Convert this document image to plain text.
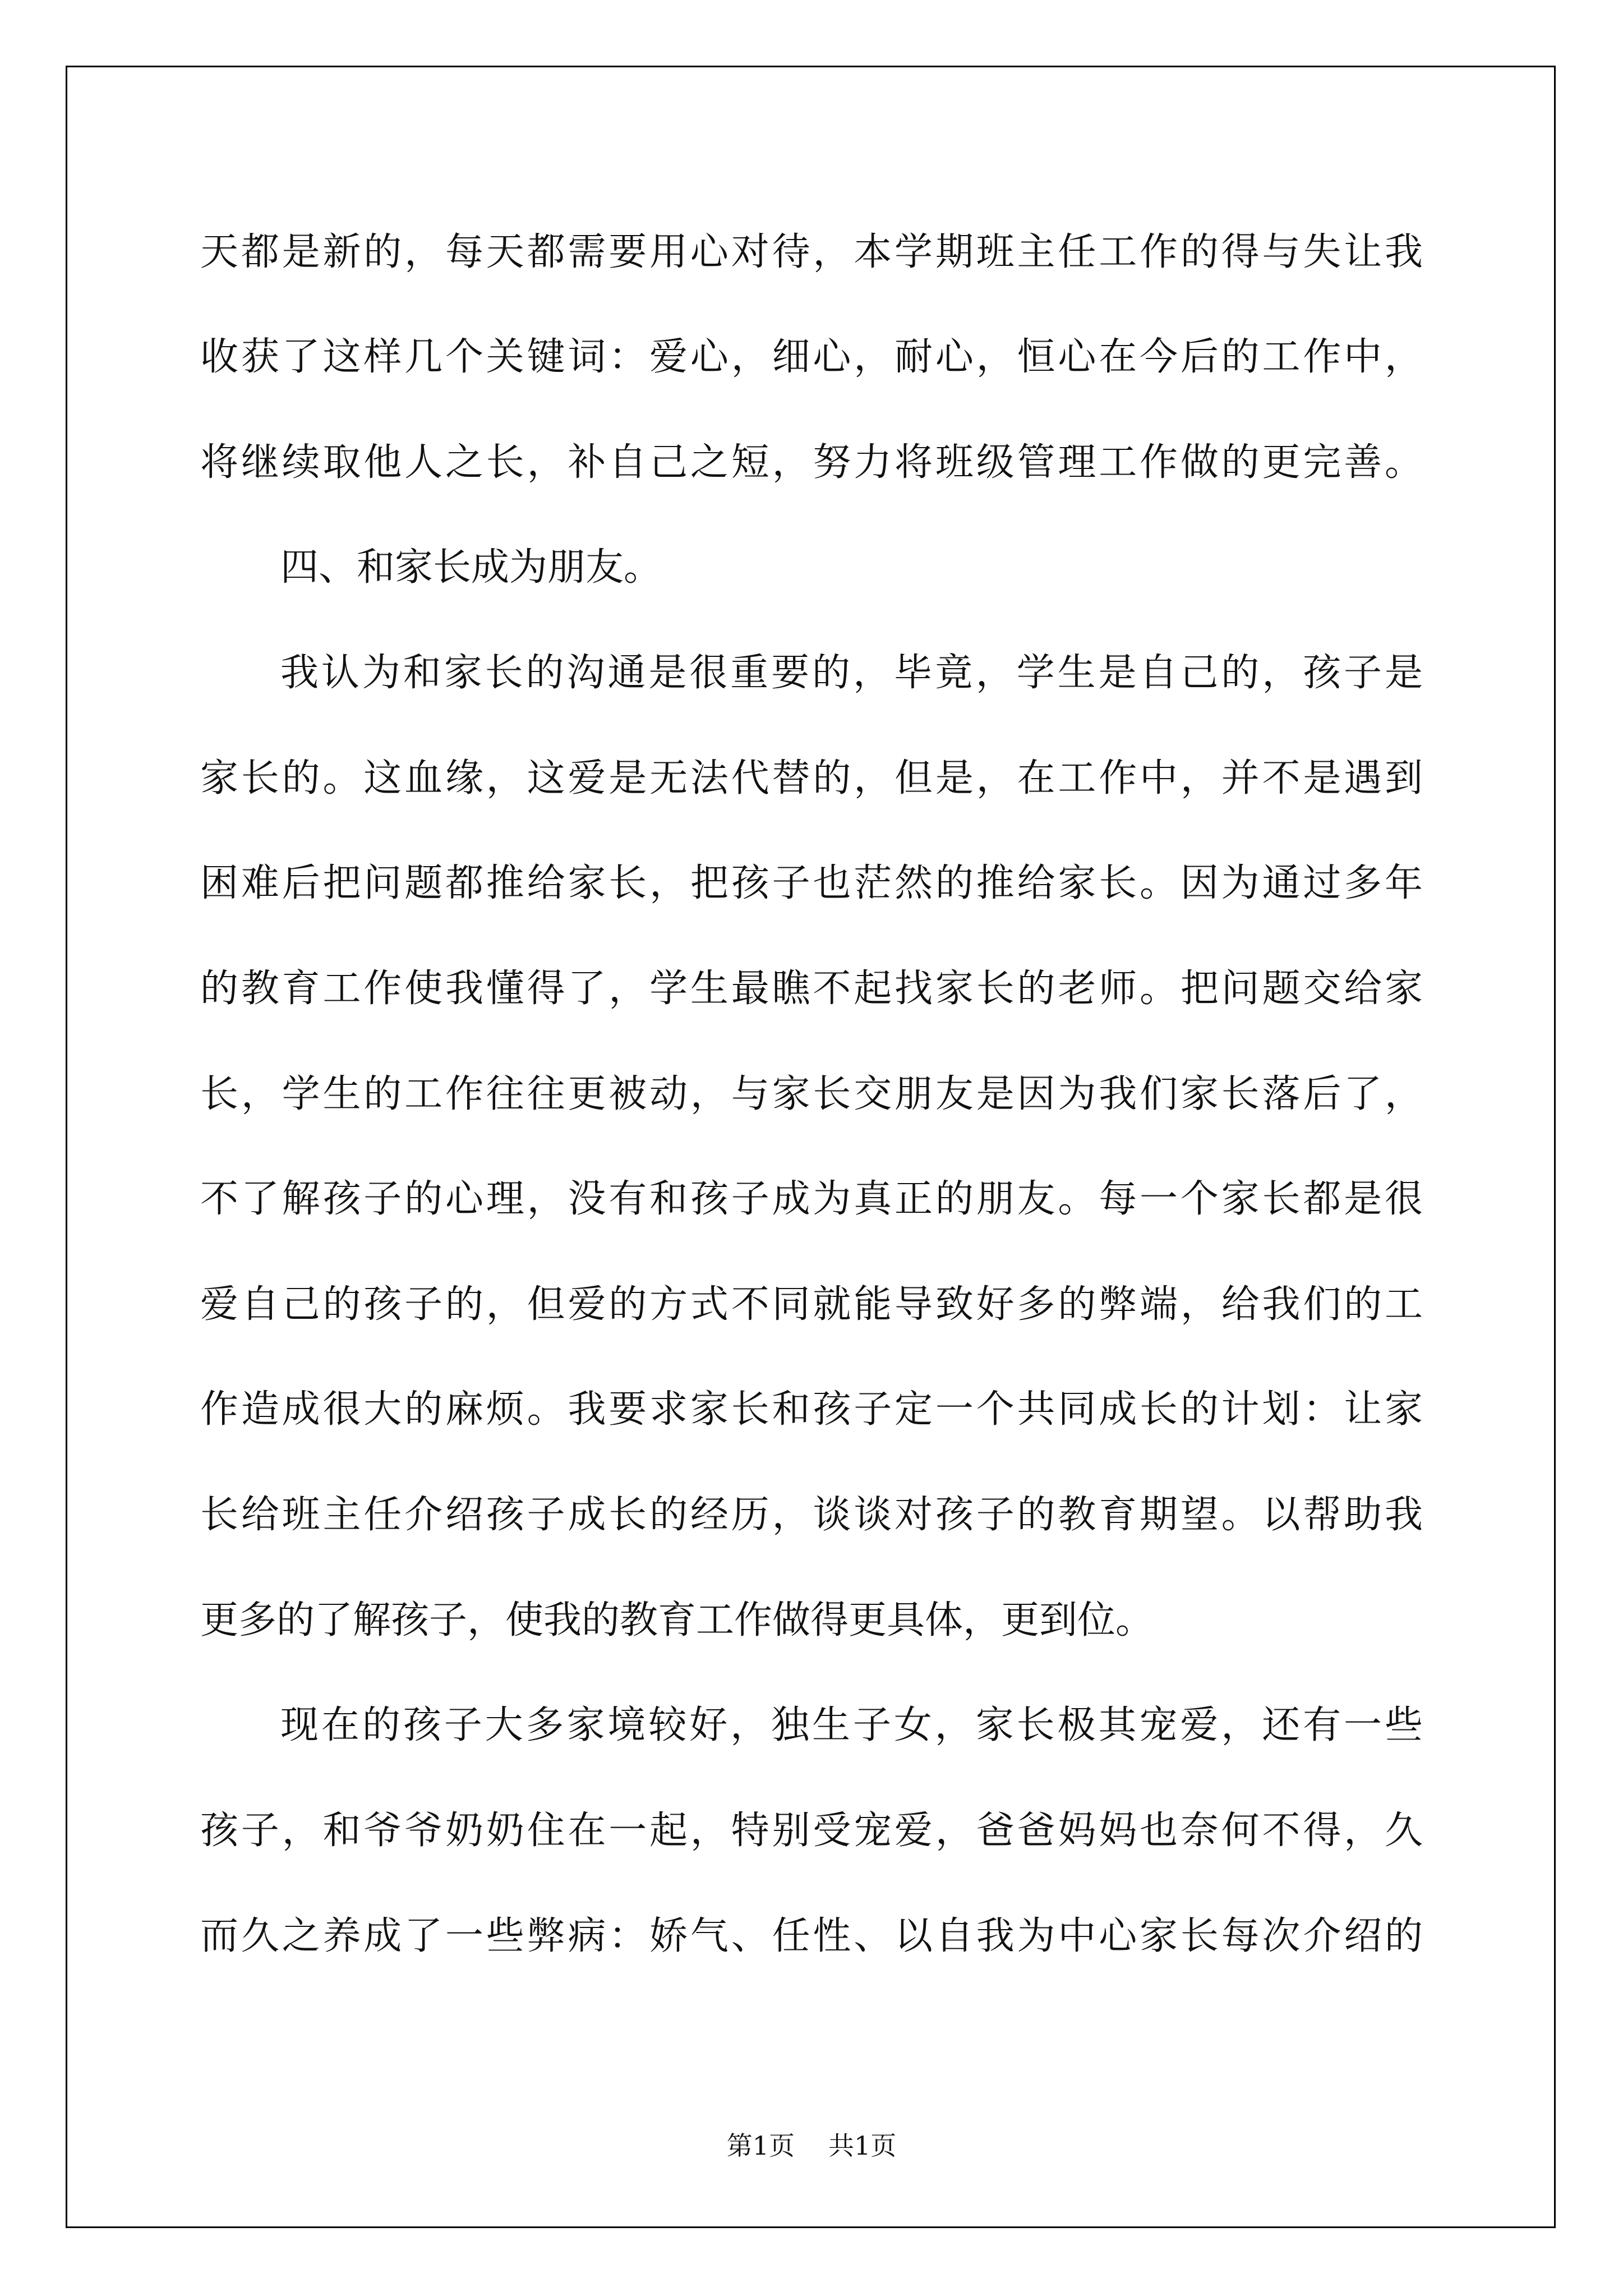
天都是新的，每天都需要用心对待，本学期班主任工作的得与失让我

收获了这样几个关键词：爱心，细心，耐心，恒心在今后的工作中，

将继续取他人之长，补自己之短，努力将班级管理工作做的更完善。

四、和家长成为朋友。

我认为和家长的沟通是很重要的，毕竟，学生是自己的，孩子是

家长的。这血缘，这爱是无法代替的，但是，在工作中，并不是遇到

困难后把问题都推给家长，把孩子也茫然的推给家长。因为通过多年

的教育工作使我懂得了，学生最瞧不起找家长的老师。把问题交给家

长，学生的工作往往更被动，与家长交朋友是因为我们家长落后了，

不了解孩子的心理，没有和孩子成为真正的朋友。每一个家长都是很

爱自己的孩子的，但爱的方式不同就能导致好多的弊端，给我们的工

作造成很大的麻烦。我要求家长和孩子定一个共同成长的计划：让家

长给班主任介绍孩子成长的经历，谈谈对孩子的教育期望。以帮助我

更多的了解孩子，使我的教育工作做得更具体，更到位。

现在的孩子大多家境较好，独生子女，家长极其宠爱，还有一些

孩子，和爷爷奶奶住在一起，特别受宠爱，爸爸妈妈也奈何不得，久

而久之养成了一些弊病：娇气、任性、以自我为中心家长每次介绍的

第1页 共1页
